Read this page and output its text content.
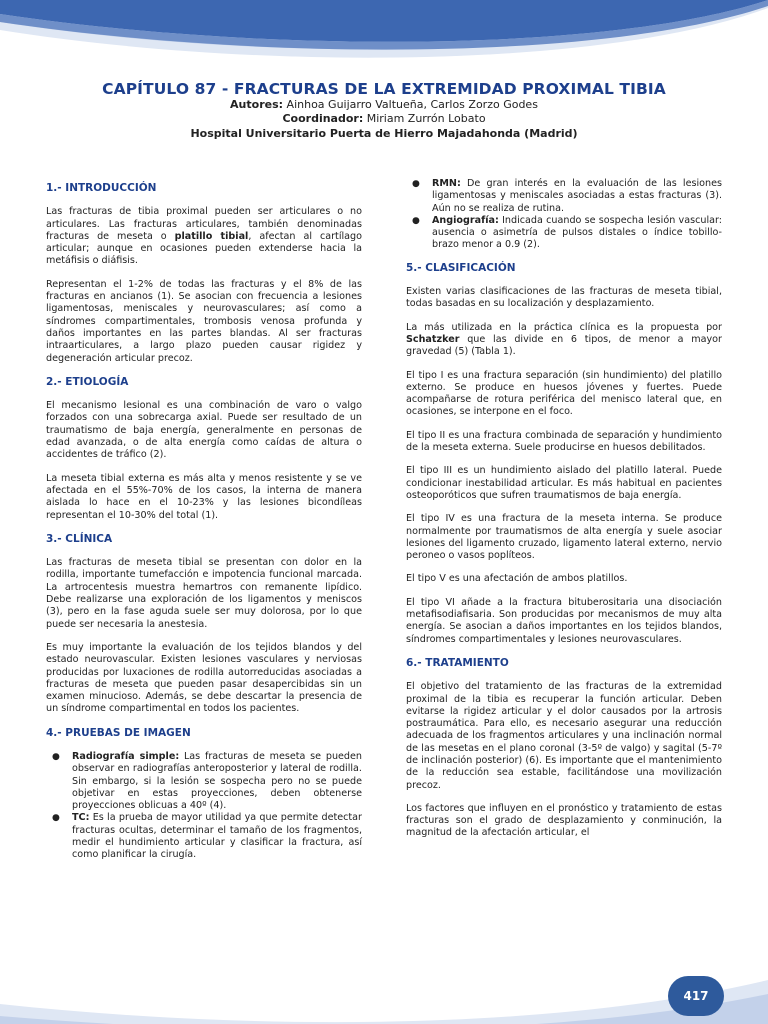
CAPÍTULO 87 - FRACTURAS DE LA EXTREMIDAD PROXIMAL TIBIA
Autores: Ainhoa Guijarro Valtueña, Carlos Zorzo Godes
Coordinador: Miriam Zurrón Lobato
Hospital Universitario Puerta de Hierro Majadahonda (Madrid)
1.- INTRODUCCIÓN

Las fracturas de tibia proximal pueden ser articulares o no articulares. Las fracturas articulares, también denominadas fracturas de meseta o platillo tibial, afectan al cartílago articular; aunque en ocasiones pueden extenderse hacia la metáfisis o diáfisis.

Representan el 1-2% de todas las fracturas y el 8% de las fracturas en ancianos (1). Se asocian con frecuencia a lesiones ligamentosas, meniscales y neurovasculares; así como a síndromes compartimentales, trombosis venosa profunda y daños importantes en las partes blandas. Al ser fracturas intraarticulares, a largo plazo pueden causar rigidez y degeneración articular precoz.

2.- ETIOLOGÍA

El mecanismo lesional es una combinación de varo o valgo forzados con una sobrecarga axial. Puede ser resultado de un traumatismo de baja energía, generalmente en personas de edad avanzada, o de alta energía como caídas de altura o accidentes de tráfico (2).

La meseta tibial externa es más alta y menos resistente y se ve afectada en el 55%-70% de los casos, la interna de manera aislada lo hace en el 10-23% y las lesiones bicondíleas representan el 10-30% del total (1).

3.- CLÍNICA

Las fracturas de meseta tibial se presentan con dolor en la rodilla, importante tumefacción e impotencia funcional marcada. La artrocentesis muestra hemartros con remanente lipídico. Debe realizarse una exploración de los ligamentos y meniscos (3), pero en la fase aguda suele ser muy dolorosa, por lo que puede ser necesaria la anestesia.

Es muy importante la evaluación de los tejidos blandos y del estado neurovascular. Existen lesiones vasculares y nerviosas producidas por luxaciones de rodilla autorreducidas asociadas a fracturas de meseta que pueden pasar desapercibidas sin un examen minucioso. Además, se debe descartar la presencia de un síndrome compartimental en todos los pacientes.

4.- PRUEBAS DE IMAGEN
● Radiografía simple: Las fracturas de meseta se pueden observar en radiografías anteroposterior y lateral de rodilla. Sin embargo, si la lesión se sospecha pero no se puede objetivar en estas proyecciones, deben obtenerse proyecciones oblicuas a 40º (4).
● TC: Es la prueba de mayor utilidad ya que permite detectar fracturas ocultas, determinar el tamaño de los fragmentos, medir el hundimiento articular y clasificar la fractura, así como planificar la cirugía.
● RMN: De gran interés en la evaluación de las lesiones ligamentosas y meniscales asociadas a estas fracturas (3). Aún no se realiza de rutina.
● Angiografía: Indicada cuando se sospecha lesión vascular: ausencia o asimetría de pulsos distales o índice tobillo-brazo menor a 0.9 (2).
5.- CLASIFICACIÓN

Existen varias clasificaciones de las fracturas de meseta tibial, todas basadas en su localización y desplazamiento.

La más utilizada en la práctica clínica es la propuesta por Schatzker que las divide en 6 tipos, de menor a mayor gravedad (5) (Tabla 1).

El tipo I es una fractura separación (sin hundimiento) del platillo externo. Se produce en huesos jóvenes y fuertes. Puede acompañarse de rotura periférica del menisco lateral que, en ocasiones, se interpone en el foco.

El tipo II es una fractura combinada de separación y hundimiento de la meseta externa. Suele producirse en huesos debilitados.

El tipo III es un hundimiento aislado del platillo lateral. Puede condicionar inestabilidad articular. Es más habitual en pacientes osteoporóticos que sufren traumatismos de baja energía.

El tipo IV es una fractura de la meseta interna. Se produce normalmente por traumatismos de alta energía y suele asociar lesiones del ligamento cruzado, ligamento lateral externo, nervio peroneo o vasos poplíteos.

El tipo V es una afectación de ambos platillos.

El tipo VI añade a la fractura bituberositaria una disociación metafisodiafisaria. Son producidas por mecanismos de muy alta energía. Se asocian a daños importantes en los tejidos blandos, síndromes compartimentales y lesiones neurovasculares.

6.- TRATAMIENTO

El objetivo del tratamiento de las fracturas de la extremidad proximal de la tibia es recuperar la función articular. Deben evitarse la rigidez articular y el dolor causados por la artrosis postraumática. Para ello, es necesario asegurar una reducción adecuada de los fragmentos articulares y una inclinación normal de las mesetas en el plano coronal (3-5º de valgo) y sagital (5-7º de inclinación posterior) (6). Es importante que el mantenimiento de la reducción sea estable, facilitándose una movilización precoz.

Los factores que influyen en el pronóstico y tratamiento de estas fracturas son el grado de desplazamiento y conminución, la magnitud de la afectación articular, el

417
